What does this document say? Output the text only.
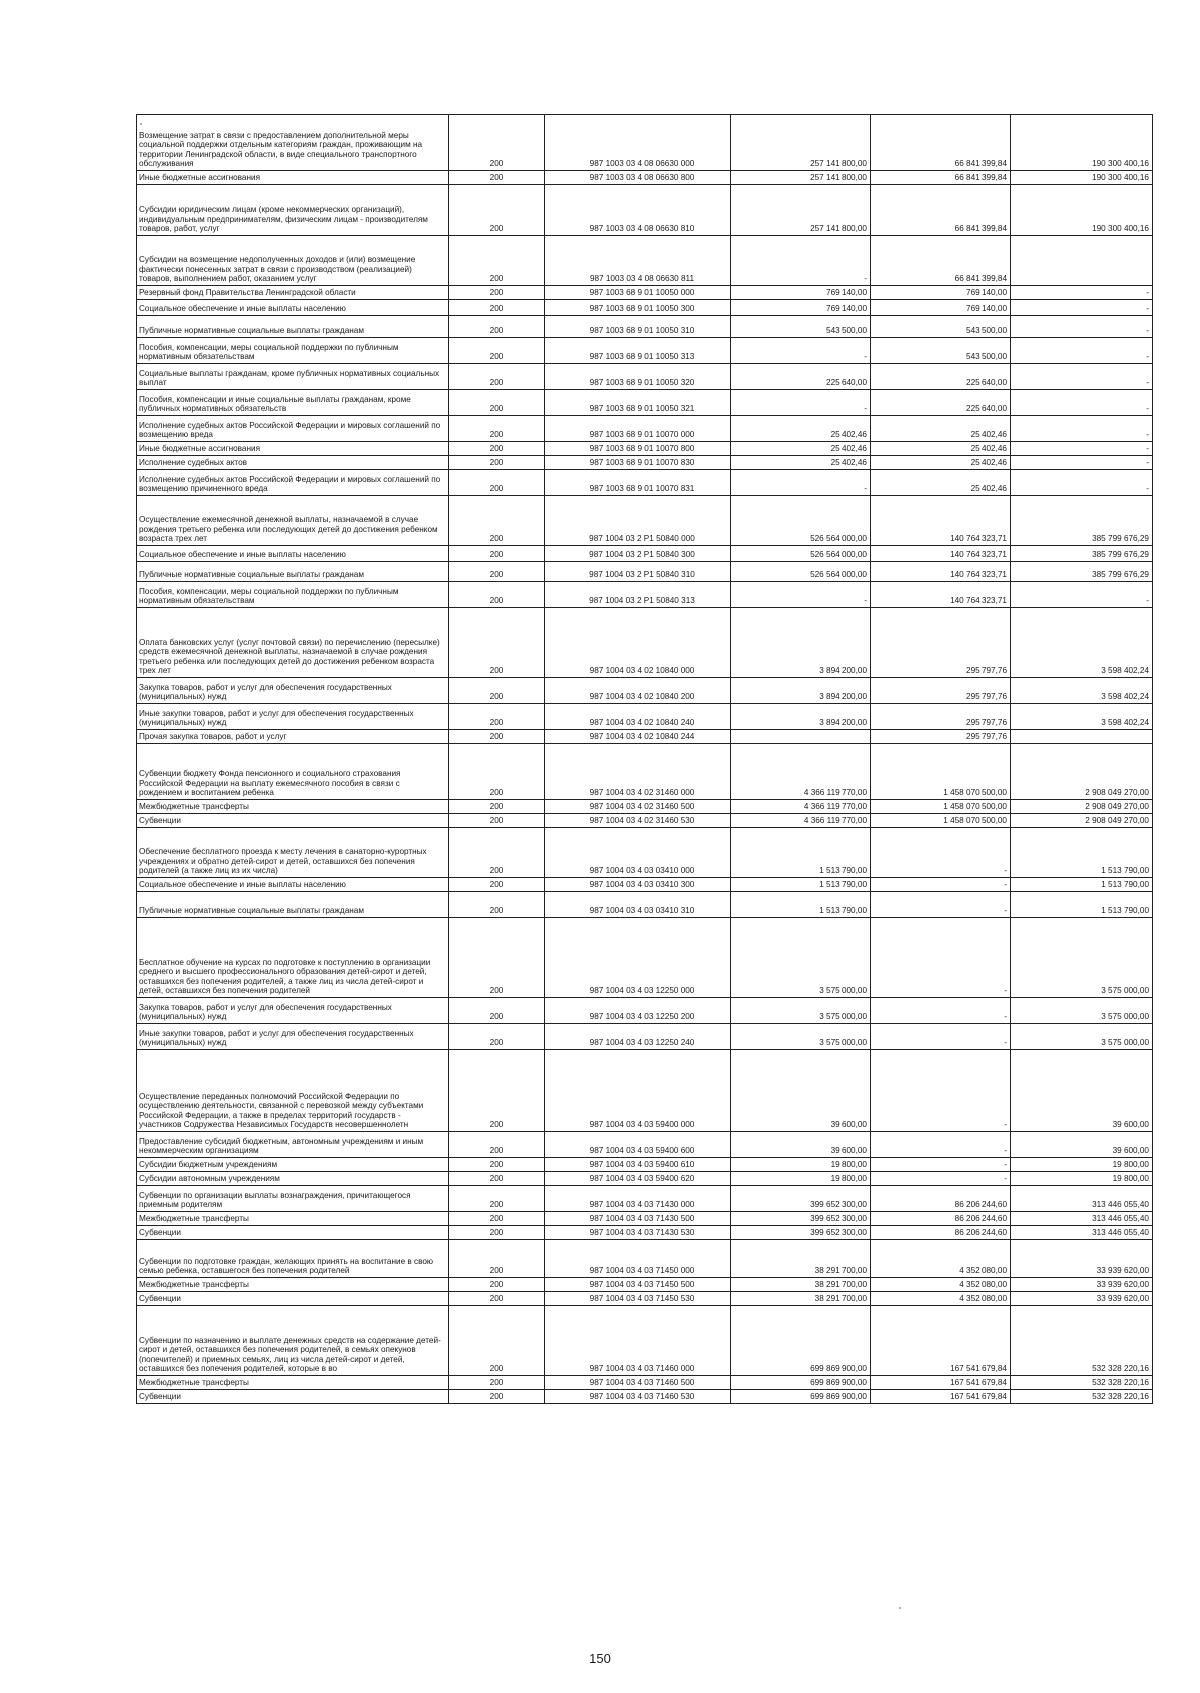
Возмещение затрат в связи с предоставлением дополнительной меры социальной поддержки отдельным категориям граждан, проживающим на территории Ленинградской области, в виде специального транспортного обслуживания	200	987 1003 03 4 08 06630 000	257 141 800,00	66 841 399,84	190 300 400,16
Иные бюджетные ассигнования	200	987 1003 03 4 08 06630 800	257 141 800,00	66 841 399,84	190 300 400,16
Субсидии юридическим лицам (кроме некоммерческих организаций), индивидуальным предпринимателям, физическим лицам - производителям товаров, работ, услуг	200	987 1003 03 4 08 06630 810	257 141 800,00	66 841 399,84	190 300 400,16
Субсидии на возмещение недополученных доходов и (или) возмещение фактически понесенных затрат в связи с производством (реализацией) товаров, выполнением работ, оказанием услуг	200	987 1003 03 4 08 06630 811	-	66 841 399,84	
Резервный фонд Правительства Ленинградской области	200	987 1003 68 9 01 10050 000	769 140,00	769 140,00	-
Социальное обеспечение и иные выплаты населению	200	987 1003 68 9 01 10050 300	769 140,00	769 140,00	-
Публичные нормативные социальные выплаты гражданам	200	987 1003 68 9 01 10050 310	543 500,00	543 500,00	-
Пособия, компенсации, меры социальной поддержки по публичным нормативным обязательствам	200	987 1003 68 9 01 10050 313	-	543 500,00	-
Социальные выплаты гражданам, кроме публичных нормативных социальных выплат	200	987 1003 68 9 01 10050 320	225 640,00	225 640,00	-
Пособия, компенсации и иные социальные выплаты гражданам, кроме публичных нормативных обязательств	200	987 1003 68 9 01 10050 321	-	225 640,00	-
Исполнение судебных актов Российской Федерации и мировых соглашений по возмещению вреда	200	987 1003 68 9 01 10070 000	25 402,46	25 402,46	-
Иные бюджетные ассигнования	200	987 1003 68 9 01 10070 800	25 402,46	25 402,46	-
Исполнение судебных актов	200	987 1003 68 9 01 10070 830	25 402,46	25 402,46	-
Исполнение судебных актов Российской Федерации и мировых соглашений по возмещению причиненного вреда	200	987 1003 68 9 01 10070 831	-	25 402,46	-
Осуществление ежемесячной денежной выплаты, назначаемой в случае рождения третьего ребенка или последующих детей до достижения ребенком возраста трех лет	200	987 1004 03 2 P1 50840 000	526 564 000,00	140 764 323,71	385 799 676,29
Социальное обеспечение и иные выплаты населению	200	987 1004 03 2 P1 50840 300	526 564 000,00	140 764 323,71	385 799 676,29
Публичные нормативные социальные выплаты гражданам	200	987 1004 03 2 P1 50840 310	526 564 000,00	140 764 323,71	385 799 676,29
Пособия, компенсации, меры социальной поддержки по публичным нормативным обязательствам	200	987 1004 03 2 P1 50840 313	-	140 764 323,71	-
Оплата банковских услуг (услуг почтовой связи) по перечислению (пересылке) средств ежемесячной денежной выплаты, назначаемой в случае рождения третьего ребенка или последующих детей до достижения ребенком возраста трех лет	200	987 1004 03 4 02 10840 000	3 894 200,00	295 797,76	3 598 402,24
Закупка товаров, работ и услуг для обеспечения государственных (муниципальных) нужд	200	987 1004 03 4 02 10840 200	3 894 200,00	295 797,76	3 598 402,24
Иные закупки товаров, работ и услуг для обеспечения государственных (муниципальных) нужд	200	987 1004 03 4 02 10840 240	3 894 200,00	295 797,76	3 598 402,24
Прочая закупка товаров, работ и услуг	200	987 1004 03 4 02 10840 244		295 797,76	
Субвенции бюджету Фонда пенсионного и социального страхования Российской Федерации на выплату ежемесячного пособия в связи с рождением и воспитанием ребенка	200	987 1004 03 4 02 31460 000	4 366 119 770,00	1 458 070 500,00	2 908 049 270,00
Межбюджетные трансферты	200	987 1004 03 4 02 31460 500	4 366 119 770,00	1 458 070 500,00	2 908 049 270,00
Субвенции	200	987 1004 03 4 02 31460 530	4 366 119 770,00	1 458 070 500,00	2 908 049 270,00
Обеспечение бесплатного проезда к месту лечения в санаторно-курортных учреждениях и обратно детей-сирот и детей, оставшихся без попечения родителей (а также лиц из их числа)	200	987 1004 03 4 03 03410 000	1 513 790,00	-	1 513 790,00
Социальное обеспечение и иные выплаты населению	200	987 1004 03 4 03 03410 300	1 513 790,00	-	1 513 790,00
Публичные нормативные социальные выплаты гражданам	200	987 1004 03 4 03 03410 310	1 513 790,00	-	1 513 790,00
Бесплатное обучение на курсах по подготовке к поступлению в организации среднего и высшего профессионального образования детей-сирот и детей, оставшихся без попечения родителей, а также лиц из числа детей-сирот и детей, оставшихся без попечения родителей	200	987 1004 03 4 03 12250 000	3 575 000,00	-	3 575 000,00
Закупка товаров, работ и услуг для обеспечения государственных (муниципальных) нужд	200	987 1004 03 4 03 12250 200	3 575 000,00	-	3 575 000,00
Иные закупки товаров, работ и услуг для обеспечения государственных (муниципальных) нужд	200	987 1004 03 4 03 12250 240	3 575 000,00	-	3 575 000,00
Осуществление переданных полномочий Российской Федерации по осуществлению деятельности, связанной с перевозкой между субъектами Российской Федерации, а также в пределах территорий государств - участников Содружества Независимых Государств несовершеннолетн	200	987 1004 03 4 03 59400 000	39 600,00	-	39 600,00
Предоставление субсидий бюджетным, автономным учреждениям и иным некоммерческим организациям	200	987 1004 03 4 03 59400 600	39 600,00	-	39 600,00
Субсидии бюджетным учреждениям	200	987 1004 03 4 03 59400 610	19 800,00	-	19 800,00
Субсидии автономным учреждениям	200	987 1004 03 4 03 59400 620	19 800,00	-	19 800,00
Субвенции по организации выплаты вознаграждения, причитающегося приемным родителям	200	987 1004 03 4 03 71430 000	399 652 300,00	86 206 244,60	313 446 055,40
Межбюджетные трансферты	200	987 1004 03 4 03 71430 500	399 652 300,00	86 206 244,60	313 446 055,40
Субвенции	200	987 1004 03 4 03 71430 530	399 652 300,00	86 206 244,60	313 446 055,40
Субвенции по подготовке граждан, желающих принять на воспитание в свою семью ребенка, оставшегося без попечения родителей	200	987 1004 03 4 03 71450 000	38 291 700,00	4 352 080,00	33 939 620,00
Межбюджетные трансферты	200	987 1004 03 4 03 71450 500	38 291 700,00	4 352 080,00	33 939 620,00
Субвенции	200	987 1004 03 4 03 71450 530	38 291 700,00	4 352 080,00	33 939 620,00
Субвенции по назначению и выплате денежных средств на содержание детей-сирот и детей, оставшихся без попечения родителей, в семьях опекунов (попечителей) и приемных семьях, лиц из числа детей-сирот и детей, оставшихся без попечения родителей, которые в во	200	987 1004 03 4 03 71460 000	699 869 900,00	167 541 679,84	532 328 220,16
Межбюджетные трансферты	200	987 1004 03 4 03 71460 500	699 869 900,00	167 541 679,84	532 328 220,16
Субвенции	200	987 1004 03 4 03 71460 530	699 869 900,00	167 541 679,84	532 328 220,16
150
